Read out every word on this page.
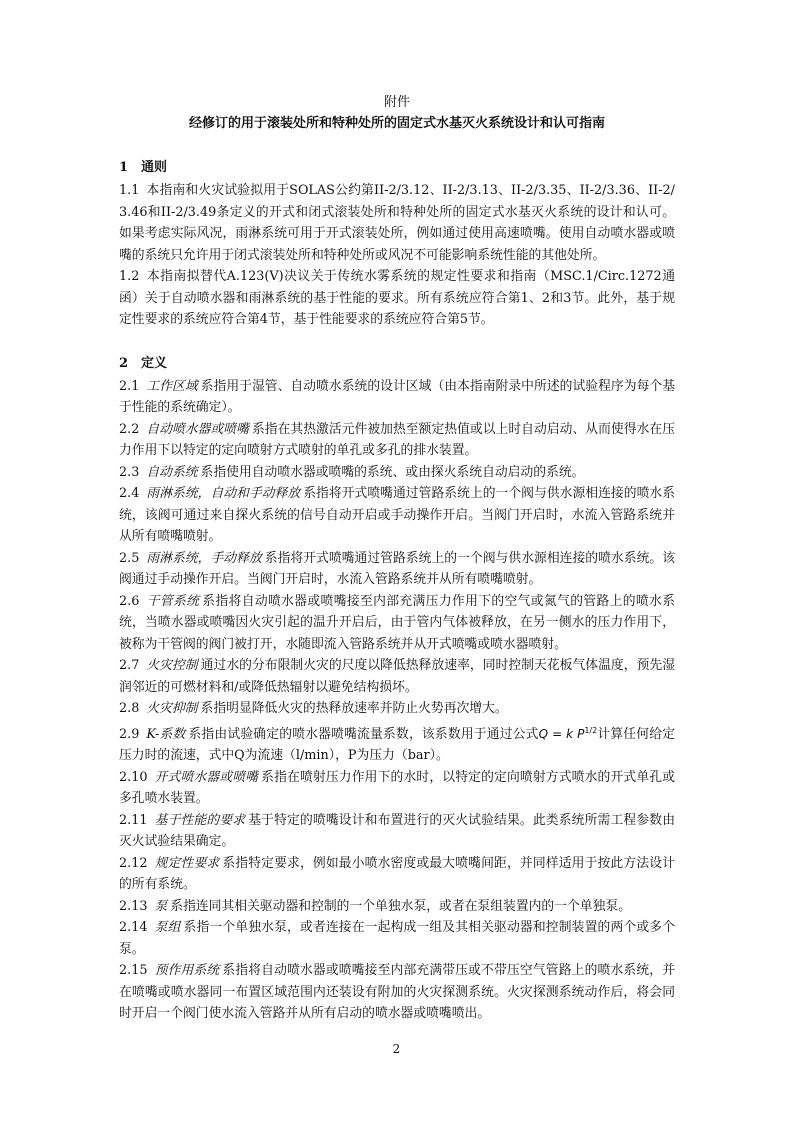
附件
经修订的用于滚装处所和特种处所的固定式水基灭火系统设计和认可指南
1 通则

1.1 本指南和火灾试验拟用于SOLAS公约第II-2/3.12、II-2/3.13、II-2/3.35、II-2/3.36、II-2/3.46和II-2/3.49条定义的开式和闭式滚装处所和特种处所的固定式水基灭火系统的设计和认可。如果考虑实际风况，雨淋系统可用于开式滚装处所，例如通过使用高速喷嘴。使用自动喷水器或喷嘴的系统只允许用于闭式滚装处所和特种处所或风况不可能影响系统性能的其他处所。

1.2 本指南拟替代A.123(V)决议关于传统水雾系统的规定性要求和指南（MSC.1/Circ.1272通函）关于自动喷水器和雨淋系统的基于性能的要求。所有系统应符合第1、2和3节。此外，基于规定性要求的系统应符合第4节，基于性能要求的系统应符合第5节。

2 定义

2.1 工作区域 系指用于湿管、自动喷水系统的设计区域（由本指南附录中所述的试验程序为每个基于性能的系统确定）。

2.2 自动喷水器或喷嘴 系指在其热激活元件被加热至额定热值或以上时自动启动、从而使得水在压力作用下以特定的定向喷射方式喷射的单孔或多孔的排水装置。

2.3 自动系统 系指使用自动喷水器或喷嘴的系统、或由探火系统自动启动的系统。

2.4 雨淋系统，自动和手动释放 系指将开式喷嘴通过管路系统上的一个阀与供水源相连接的喷水系统，该阀可通过来自探火系统的信号自动开启或手动操作开启。当阀门开启时，水流入管路系统并从所有喷嘴喷射。

2.5 雨淋系统，手动释放 系指将开式喷嘴通过管路系统上的一个阀与供水源相连接的喷水系统。该阀通过手动操作开启。当阀门开启时，水流入管路系统并从所有喷嘴喷射。

2.6 干管系统 系指将自动喷水器或喷嘴接至内部充满压力作用下的空气或氮气的管路上的喷水系统，当喷水器或喷嘴因火灾引起的温升开启后，由于管内气体被释放，在另一侧水的压力作用下，被称为干管阀的阀门被打开，水随即流入管路系统并从开式喷嘴或喷水器喷射。

2.7 火灾控制 通过水的分布限制火灾的尺度以降低热释放速率，同时控制天花板气体温度，预先湿润邻近的可燃材料和/或降低热辐射以避免结构损坏。

2.8 火灾抑制 系指明显降低火灾的热释放速率并防止火势再次增大。

2.9 K-系数 系指由试验确定的喷水器喷嘴流量系数，该系数用于通过公式Q = k $P^{1/2}$计算任何给定压力时的流速，式中Q为流速（l/min），P为压力（bar）。

2.10 开式喷水器或喷嘴 系指在喷射压力作用下的水时，以特定的定向喷射方式喷水的开式单孔或多孔喷水装置。

2.11 基于性能的要求 基于特定的喷嘴设计和布置进行的灭火试验结果。此类系统所需工程参数由灭火试验结果确定。

2.12 规定性要求 系指特定要求，例如最小喷水密度或最大喷嘴间距，并同样适用于按此方法设计的所有系统。

2.13 泵 系指连同其相关驱动器和控制的一个单独水泵，或者在泵组装置内的一个单独泵。

2.14 泵组 系指一个单独水泵，或者连接在一起构成一组及其相关驱动器和控制装置的两个或多个泵。

2.15 预作用系统 系指将自动喷水器或喷嘴接至内部充满带压或不带压空气管路上的喷水系统，并在喷嘴或喷水器同一布置区域范围内还装设有附加的火灾探测系统。火灾探测系统动作后，将会同时开启一个阀门使水流入管路并从所有启动的喷水器或喷嘴喷出。

2
